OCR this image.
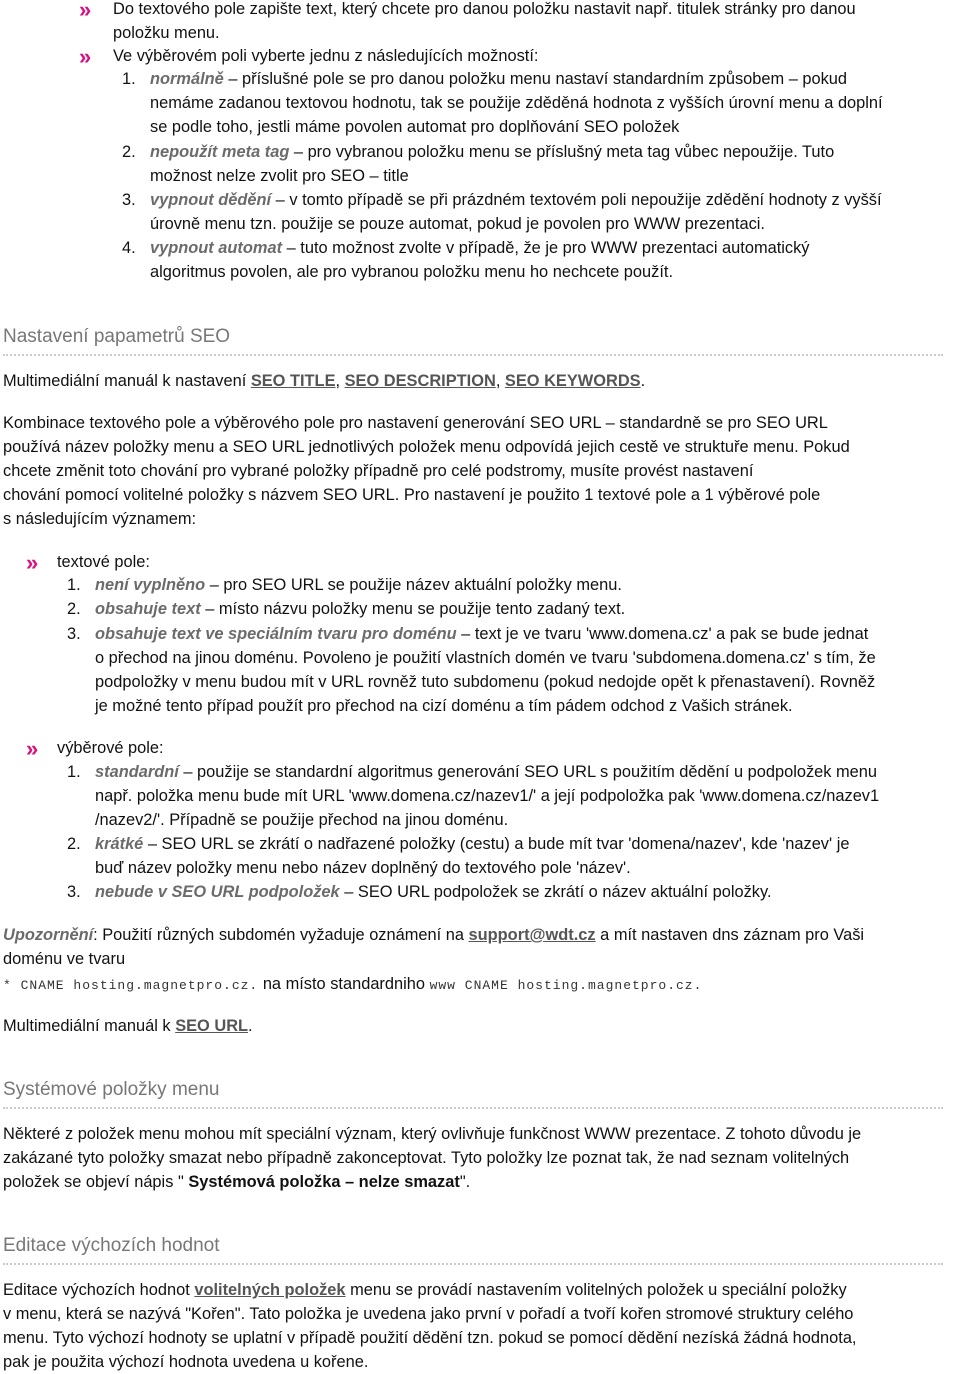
» Do textového pole zapište text, který chcete pro danou položku nastavit např. titulek stránky pro danou
položku menu.
» Ve výběrovém poli vyberte jednu z následujících možností:
1. normálně – příslušné pole se pro danou položku menu nastaví standardním způsobem – pokud
nemáme zadanou textovou hodnotu, tak se použije zděděná hodnota z vyšších úrovní menu a doplní
se podle toho, jestli máme povolen automat pro doplňování SEO položek
2. nepoužít meta tag – pro vybranou položku menu se příslušný meta tag vůbec nepoužije. Tuto
možnost nelze zvolit pro SEO – title
3. vypnout dědění – v tomto případě se při prázdném textovém poli nepoužije zdědění hodnoty z vyšší
úrovně menu tzn. použije se pouze automat, pokud je povolen pro WWW prezentaci.
4. vypnout automat – tuto možnost zvolte v případě, že je pro WWW prezentaci automatický
algoritmus povolen, ale pro vybranou položku menu ho nechcete použít.
Nastavení papametrů SEO
Multimediální manuál k nastavení SEO TITLE, SEO DESCRIPTION, SEO KEYWORDS.
Kombinace textového pole a výběrového pole pro nastavení generování SEO URL – standardně se pro SEO URL
používá název položky menu a SEO URL jednotlivých položek menu odpovídá jejich cestě ve struktuře menu. Pokud
chcete změnit toto chování pro vybrané položky případně pro celé podstromy, musíte provést nastavení
chování pomocí volitelné položky s názvem SEO URL. Pro nastavení je použito 1 textové pole a 1 výběrové pole
s následujícím významem:
» textové pole:
1. není vyplněno – pro SEO URL se použije název aktuální položky menu.
2. obsahuje text – místo názvu položky menu se použije tento zadaný text.
3. obsahuje text ve speciálním tvaru pro doménu – text je ve tvaru 'www.domena.cz' a pak se bude jednat
o přechod na jinou doménu. Povoleno je použití vlastních domén ve tvaru 'subdomena.domena.cz' s tím, že
podpoložky v menu budou mít v URL rovněž tuto subdomenu (pokud nedojde opět k přenastavení). Rovněž
je možné tento případ použít pro přechod na cizí doménu a tím pádem odchod z Vašich stránek.
» výběrové pole:
1. standardní – použije se standardní algoritmus generování SEO URL s použitím dědění u podpoložek menu
např. položka menu bude mít URL 'www.domena.cz/nazev1/' a její podpoložka pak 'www.domena.cz/nazev1
/nazev2/'. Případně se použije přechod na jinou doménu.
2. krátké – SEO URL se zkrátí o nadřazené položky (cestu) a bude mít tvar 'domena/nazev', kde 'nazev' je
buď název položky menu nebo název doplněný do textového pole 'název'.
3. nebude v SEO URL podpoložek – SEO URL podpoložek se zkrátí o název aktuální položky.
Upozornění: Použití různých subdomén vyžaduje oznámení na support@wdt.cz a mít nastaven dns záznam pro Vaši
doménu ve tvaru
* CNAME hosting.magnetpro.cz. na místo standardniho www CNAME hosting.magnetpro.cz.
Multimediální manuál k SEO URL.
Systémové položky menu
Některé z položek menu mohou mít speciální význam, který ovlivňuje funkčnost WWW prezentace. Z tohoto důvodu je
zakázané tyto položky smazat nebo případně zakonceptovat. Tyto položky lze poznat tak, že nad seznam volitelných
položek se objeví nápis " Systémová položka – nelze smazat".
Editace výchozích hodnot
Editace výchozích hodnot volitelných položek menu se provádí nastavením volitelných položek u speciální položky
v menu, která se nazývá "Kořen". Tato položka je uvedena jako první v pořadí a tvoří kořen stromové struktury celého
menu. Tyto výchozí hodnoty se uplatní v případě použití dědění tzn. pokud se pomocí dědění nezíská žádná hodnota,
pak je použita výchozí hodnota uvedena u kořene.
